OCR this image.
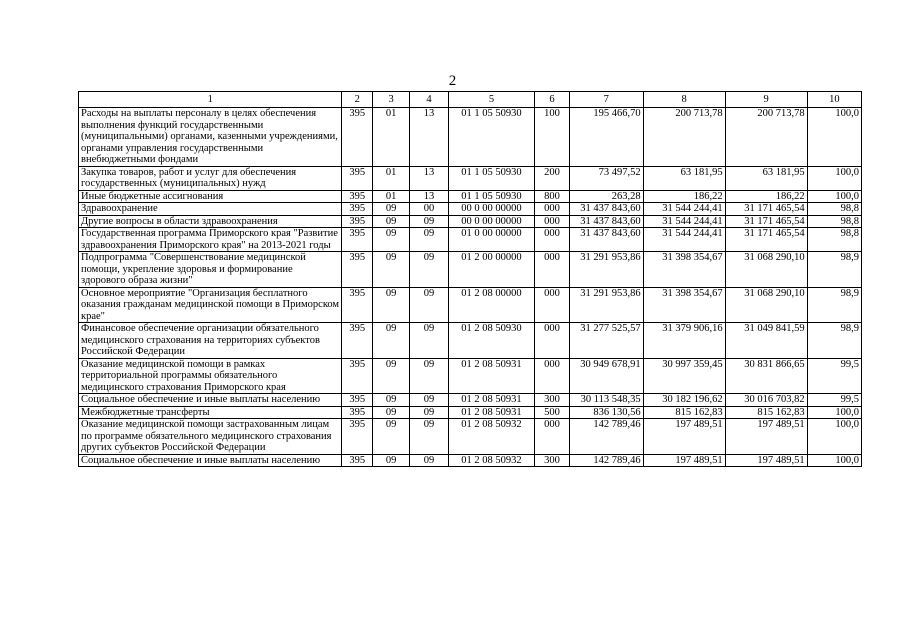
2
1	2	3	4	5	6	7	8	9	10
Расходы на выплаты персоналу в целях обеспечения выполнения функций государственными (муниципальными) органами, казенными учреждениями, органами управления государственными внебюджетными фондами	395	01	13	01 1 05 50930	100	195 466,70	200 713,78	200 713,78	100,0
Закупка товаров, работ и услуг для обеспечения государственных (муниципальных) нужд	395	01	13	01 1 05 50930	200	73 497,52	63 181,95	63 181,95	100,0
Иные бюджетные ассигнования	395	01	13	01 1 05 50930	800	263,28	186,22	186,22	100,0
Здравоохранение	395	09	00	00 0 00 00000	000	31 437 843,60	31 544 244,41	31 171 465,54	98,8
Другие вопросы в области здравоохранения	395	09	09	00 0 00 00000	000	31 437 843,60	31 544 244,41	31 171 465,54	98,8
Государственная программа Приморского края "Развитие здравоохранения Приморского края" на 2013-2021 годы	395	09	09	01 0 00 00000	000	31 437 843,60	31 544 244,41	31 171 465,54	98,8
Подпрограмма "Совершенствование медицинской помощи, укрепление здоровья и формирование здорового образа жизни"	395	09	09	01 2 00 00000	000	31 291 953,86	31 398 354,67	31 068 290,10	98,9
Основное мероприятие "Организация бесплатного оказания гражданам медицинской помощи в Приморском крае"	395	09	09	01 2 08 00000	000	31 291 953,86	31 398 354,67	31 068 290,10	98,9
Финансовое обеспечение организации обязательного медицинского страхования на территориях субъектов Российской Федерации	395	09	09	01 2 08 50930	000	31 277 525,57	31 379 906,16	31 049 841,59	98,9
Оказание медицинской помощи в рамках территориальной программы обязательного медицинского страхования Приморского края	395	09	09	01 2 08 50931	000	30 949 678,91	30 997 359,45	30 831 866,65	99,5
Социальное обеспечение и иные выплаты населению	395	09	09	01 2 08 50931	300	30 113 548,35	30 182 196,62	30 016 703,82	99,5
Межбюджетные трансферты	395	09	09	01 2 08 50931	500	836 130,56	815 162,83	815 162,83	100,0
Оказание медицинской помощи застрахованным лицам по программе обязательного медицинского страхования других субъектов Российской Федерации	395	09	09	01 2 08 50932	000	142 789,46	197 489,51	197 489,51	100,0
Социальное обеспечение и иные выплаты населению	395	09	09	01 2 08 50932	300	142 789,46	197 489,51	197 489,51	100,0
